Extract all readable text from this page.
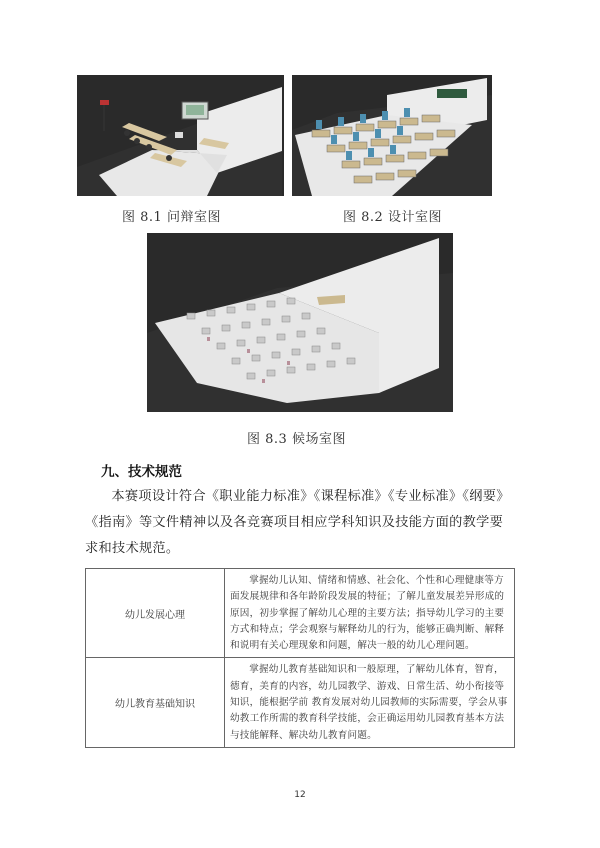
图 8.1 问辩室图	图 8.2 设计室图
图 8.3 候场室图
九、技术规范
本赛项设计符合《职业能力标准》《课程标准》《专业标准》《纲要》《指南》等文件精神以及各竞赛项目相应学科知识及技能方面的教学要求和技术规范。
幼儿发展心理	掌握幼儿认知、情绪和情感、社会化、个性和心理健康等方面发展规律和各年龄阶段发展的特征；了解儿童发展差异形成的原因，初步掌握了解幼儿心理的主要方法；指导幼儿学习的主要方式和特点；学会观察与解释幼儿的行为，能够正确判断、解释和说明有关心理现象和问题，解决一般的幼儿心理问题。
幼儿教育基础知识	掌握幼儿教育基础知识和一般原理，了解幼儿体育，智育，德育，美育的内容，幼儿园教学、游戏、日常生活、幼小衔接等知识，能根据学前 教育发展对幼儿园教师的实际需要，学会从事幼教工作所需的教育科学技能，会正确运用幼儿园教育基本方法与技能解释、解决幼儿教育问题。
12
